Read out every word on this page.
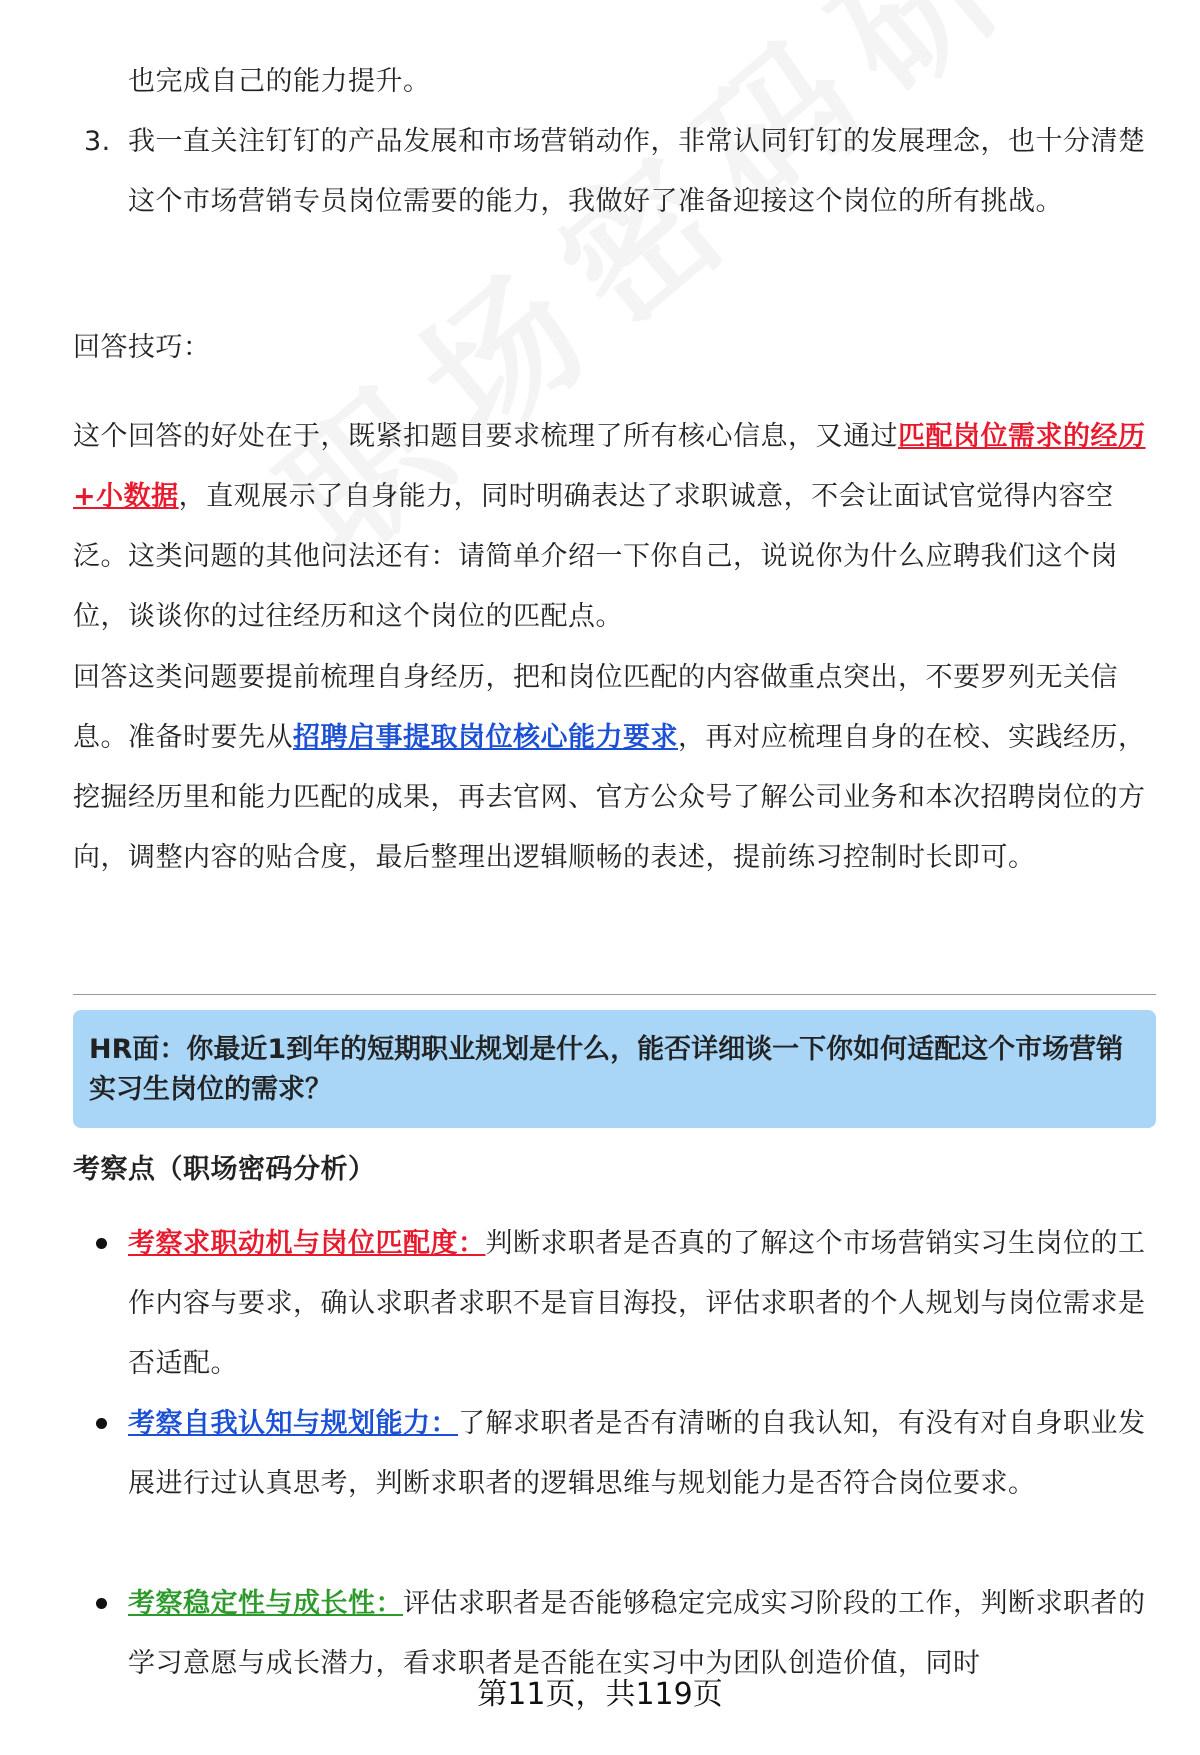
也完成自己的能力提升。

3. 我一直关注钉钉的产品发展和市场营销动作，非常认同钉钉的发展理念，也十分清楚这个市场营销专员岗位需要的能力，我做好了准备迎接这个岗位的所有挑战。

回答技巧：

这个回答的好处在于，既紧扣题目要求梳理了所有核心信息，又通过匹配岗位需求的经历+小数据，直观展示了自身能力，同时明确表达了求职诚意，不会让面试官觉得内容空泛。这类问题的其他问法还有：请简单介绍一下你自己，说说你为什么应聘我们这个岗位，谈谈你的过往经历和这个岗位的匹配点。

回答这类问题要提前梳理自身经历，把和岗位匹配的内容做重点突出，不要罗列无关信息。准备时要先从招聘启事提取岗位核心能力要求，再对应梳理自身的在校、实践经历，挖掘经历里和能力匹配的成果，再去官网、官方公众号了解公司业务和本次招聘岗位的方向，调整内容的贴合度，最后整理出逻辑顺畅的表述，提前练习控制时长即可。

HR面：你最近1到年的短期职业规划是什么，能否详细谈一下你如何适配这个市场营销实习生岗位的需求？

考察点（职场密码分析）

考察求职动机与岗位匹配度：判断求职者是否真的了解这个市场营销实习生岗位的工作内容与要求，确认求职者求职不是盲目海投，评估求职者的个人规划与岗位需求是否适配。

考察自我认知与规划能力：了解求职者是否有清晰的自我认知，有没有对自身职业发展进行过认真思考，判断求职者的逻辑思维与规划能力是否符合岗位要求。

考察稳定性与成长性：评估求职者是否能够稳定完成实习阶段的工作，判断求职者的学习意愿与成长潜力，看求职者是否能在实习中为团队创造价值，同时

第11页，共119页
